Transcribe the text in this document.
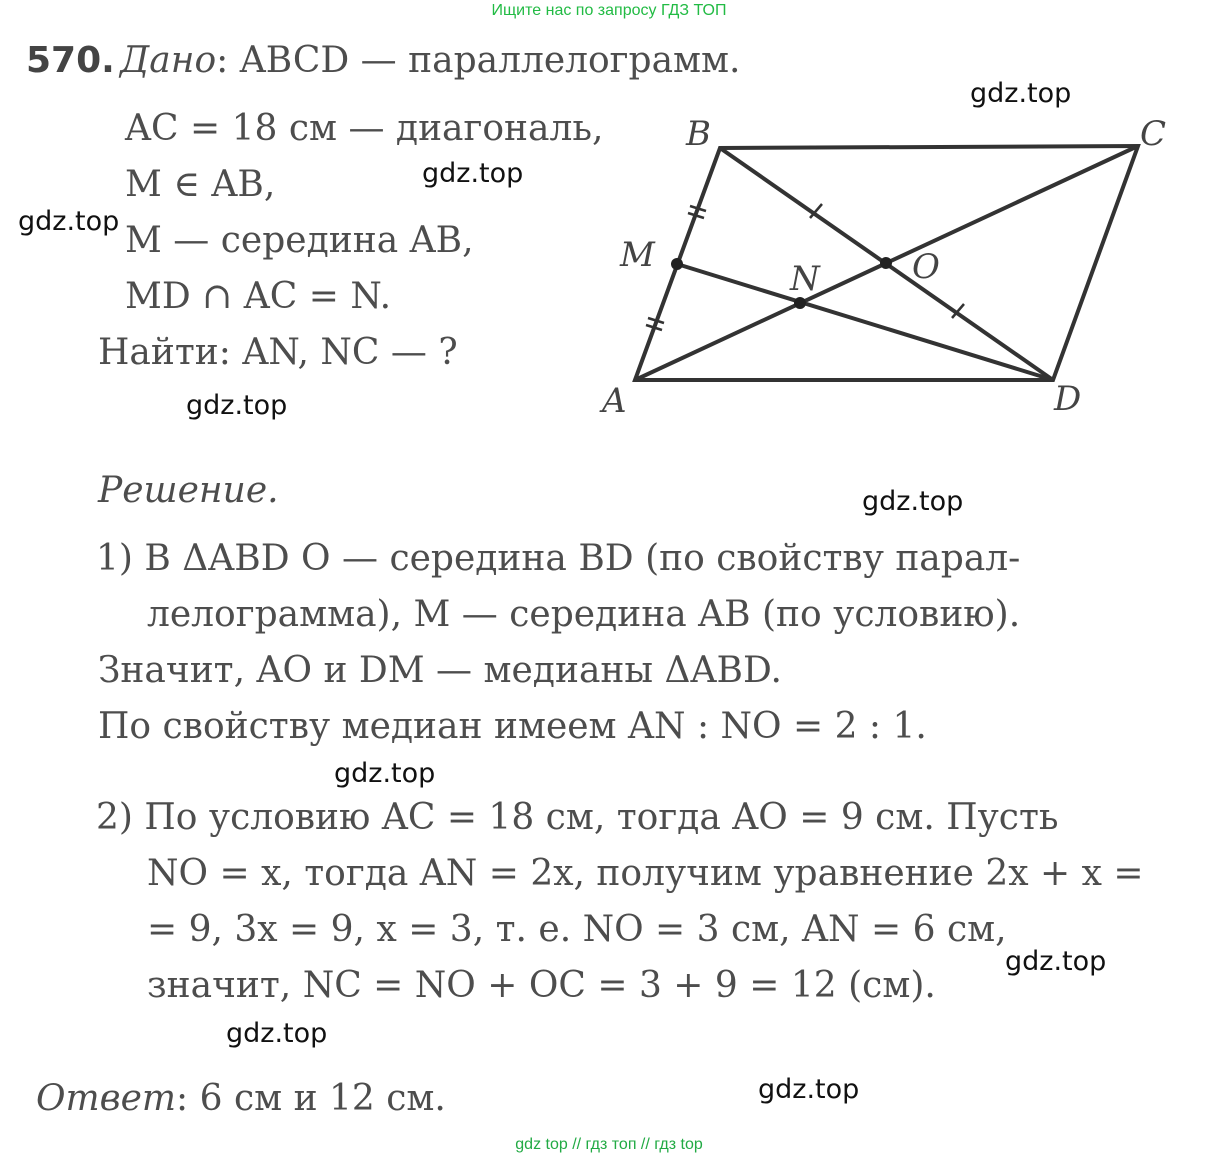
Ищите нас по запросу ГДЗ ТОП
570. Дано: ABCD — параллелограмм.
AC = 18 см — диагональ,
M ∈ AB,
M — середина AB,
MD ∩ AC = N.
Найти: AN, NC — ?
B	C
M
N	O
A	D
Решение.
1) В ΔABD O — середина BD (по свойству парал-
лелограмма), M — середина AB (по условию).
Значит, AO и DM — медианы ΔABD.
По свойству медиан имеем AN : NO = 2 : 1.
2) По условию AC = 18 см, тогда AO = 9 см. Пусть
NO = x, тогда AN = 2x, получим уравнение 2x + x =
= 9, 3x = 9, x = 3, т. е. NO = 3 см, AN = 6 см,
значит, NC = NO + OC = 3 + 9 = 12 (см).
Ответ: 6 см и 12 см.
gdz.top
gdz.top
gdz.top
gdz.top
gdz.top
gdz.top
gdz.top
gdz.top
gdz.top
gdz top // гдз топ // гдз top
